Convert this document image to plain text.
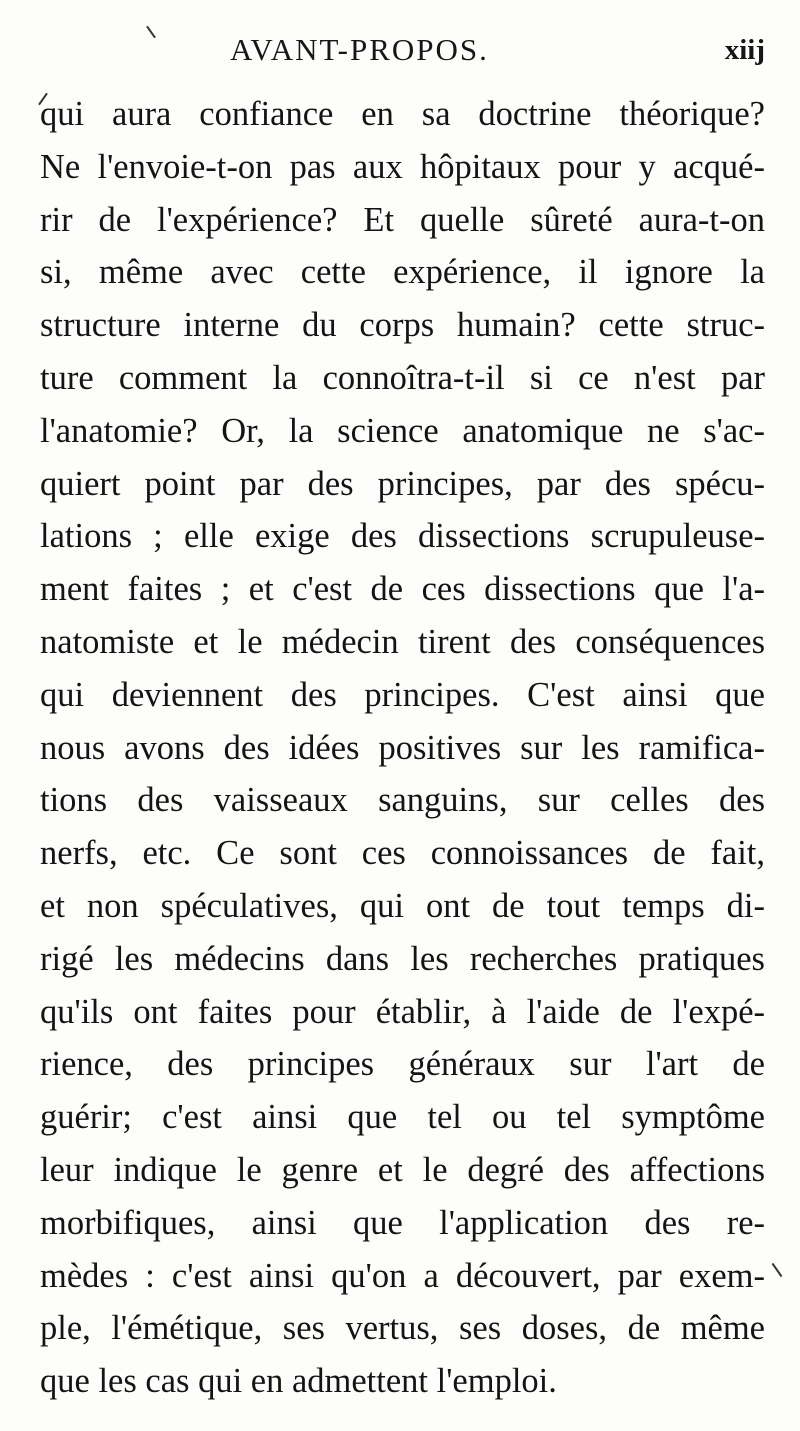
AVANT-PROPOS.	xiij
qui aura confiance en sa doctrine théorique?
Ne l'envoie-t-on pas aux hôpitaux pour y acqué-
rir de l'expérience? Et quelle sûreté aura-t-on
si, même avec cette expérience, il ignore la
structure interne du corps humain? cette struc-
ture comment la connoîtra-t-il si ce n'est par
l'anatomie? Or, la science anatomique ne s'ac-
quiert point par des principes, par des spécu-
lations ; elle exige des dissections scrupuleuse-
ment faites ; et c'est de ces dissections que l'a-
natomiste et le médecin tirent des conséquences
qui deviennent des principes. C'est ainsi que
nous avons des idées positives sur les ramifica-
tions des vaisseaux sanguins, sur celles des
nerfs, etc. Ce sont ces connoissances de fait,
et non spéculatives, qui ont de tout temps di-
rigé les médecins dans les recherches pratiques
qu'ils ont faites pour établir, à l'aide de l'expé-
rience, des principes généraux sur l'art de
guérir; c'est ainsi que tel ou tel symptôme
leur indique le genre et le degré des affections
morbifiques, ainsi que l'application des re-
mèdes : c'est ainsi qu'on a découvert, par exem-
ple, l'émétique, ses vertus, ses doses, de même
que les cas qui en admettent l'emploi.
